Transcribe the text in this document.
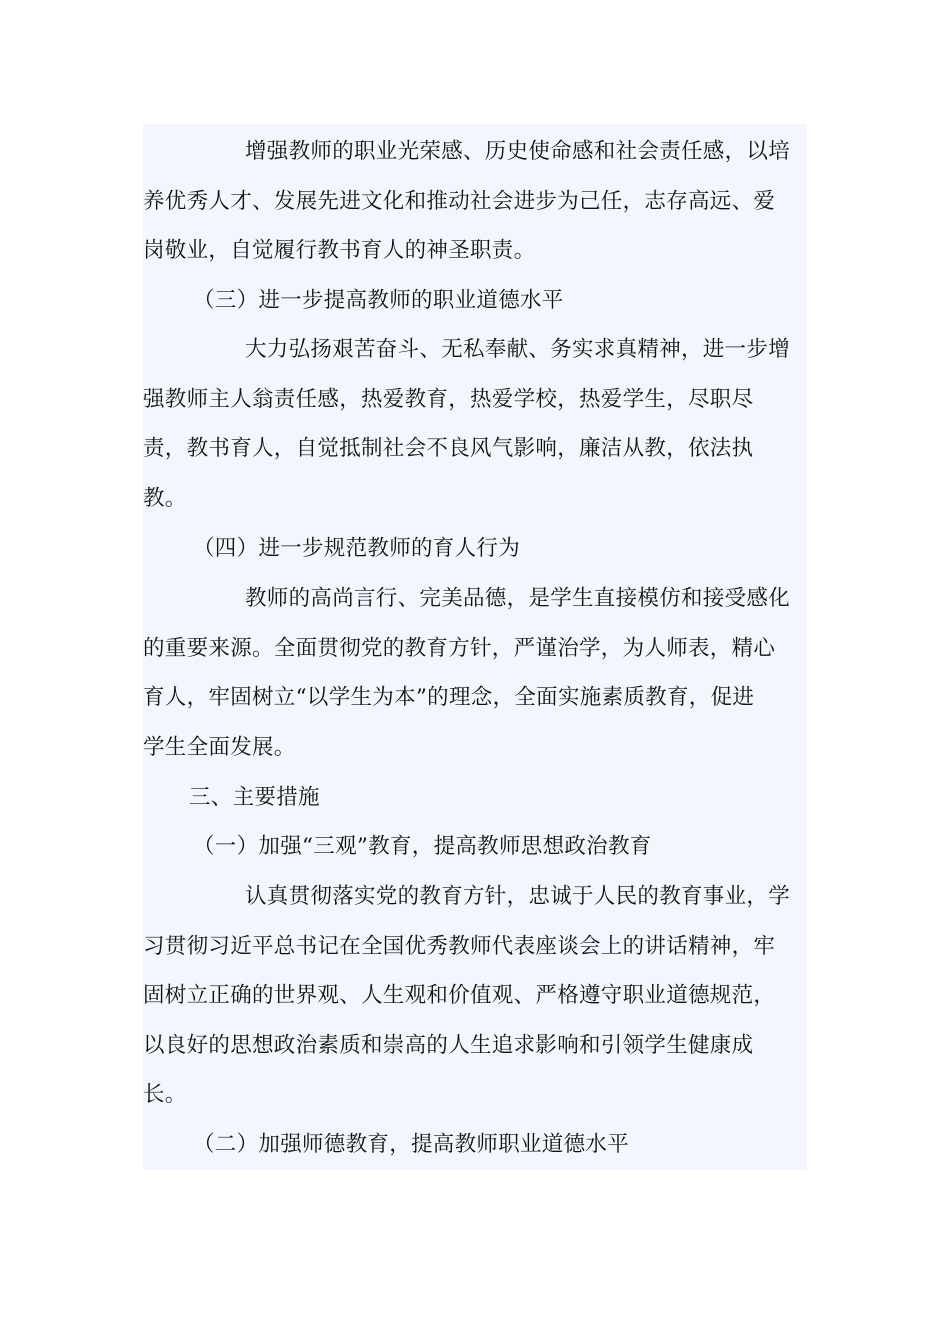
增强教师的职业光荣感、历史使命感和社会责任感，以培
养优秀人才、发展先进文化和推动社会进步为己任，志存高远、爱
岗敬业，自觉履行教书育人的神圣职责。
（三）进一步提高教师的职业道德水平
大力弘扬艰苦奋斗、无私奉献、务实求真精神，进一步增
强教师主人翁责任感，热爱教育，热爱学校，热爱学生，尽职尽
责，教书育人，自觉抵制社会不良风气影响，廉洁从教，依法执
教。
（四）进一步规范教师的育人行为
教师的高尚言行、完美品德，是学生直接模仿和接受感化
的重要来源。全面贯彻党的教育方针，严谨治学，为人师表，精心
育人，牢固树立“以学生为本”的理念，全面实施素质教育，促进
学生全面发展。
三、主要措施
（一）加强“三观”教育，提高教师思想政治教育
认真贯彻落实党的教育方针，忠诚于人民的教育事业，学
习贯彻习近平总书记在全国优秀教师代表座谈会上的讲话精神，牢
固树立正确的世界观、人生观和价值观、严格遵守职业道德规范，
以良好的思想政治素质和崇高的人生追求影响和引领学生健康成
长。
（二）加强师德教育，提高教师职业道德水平
